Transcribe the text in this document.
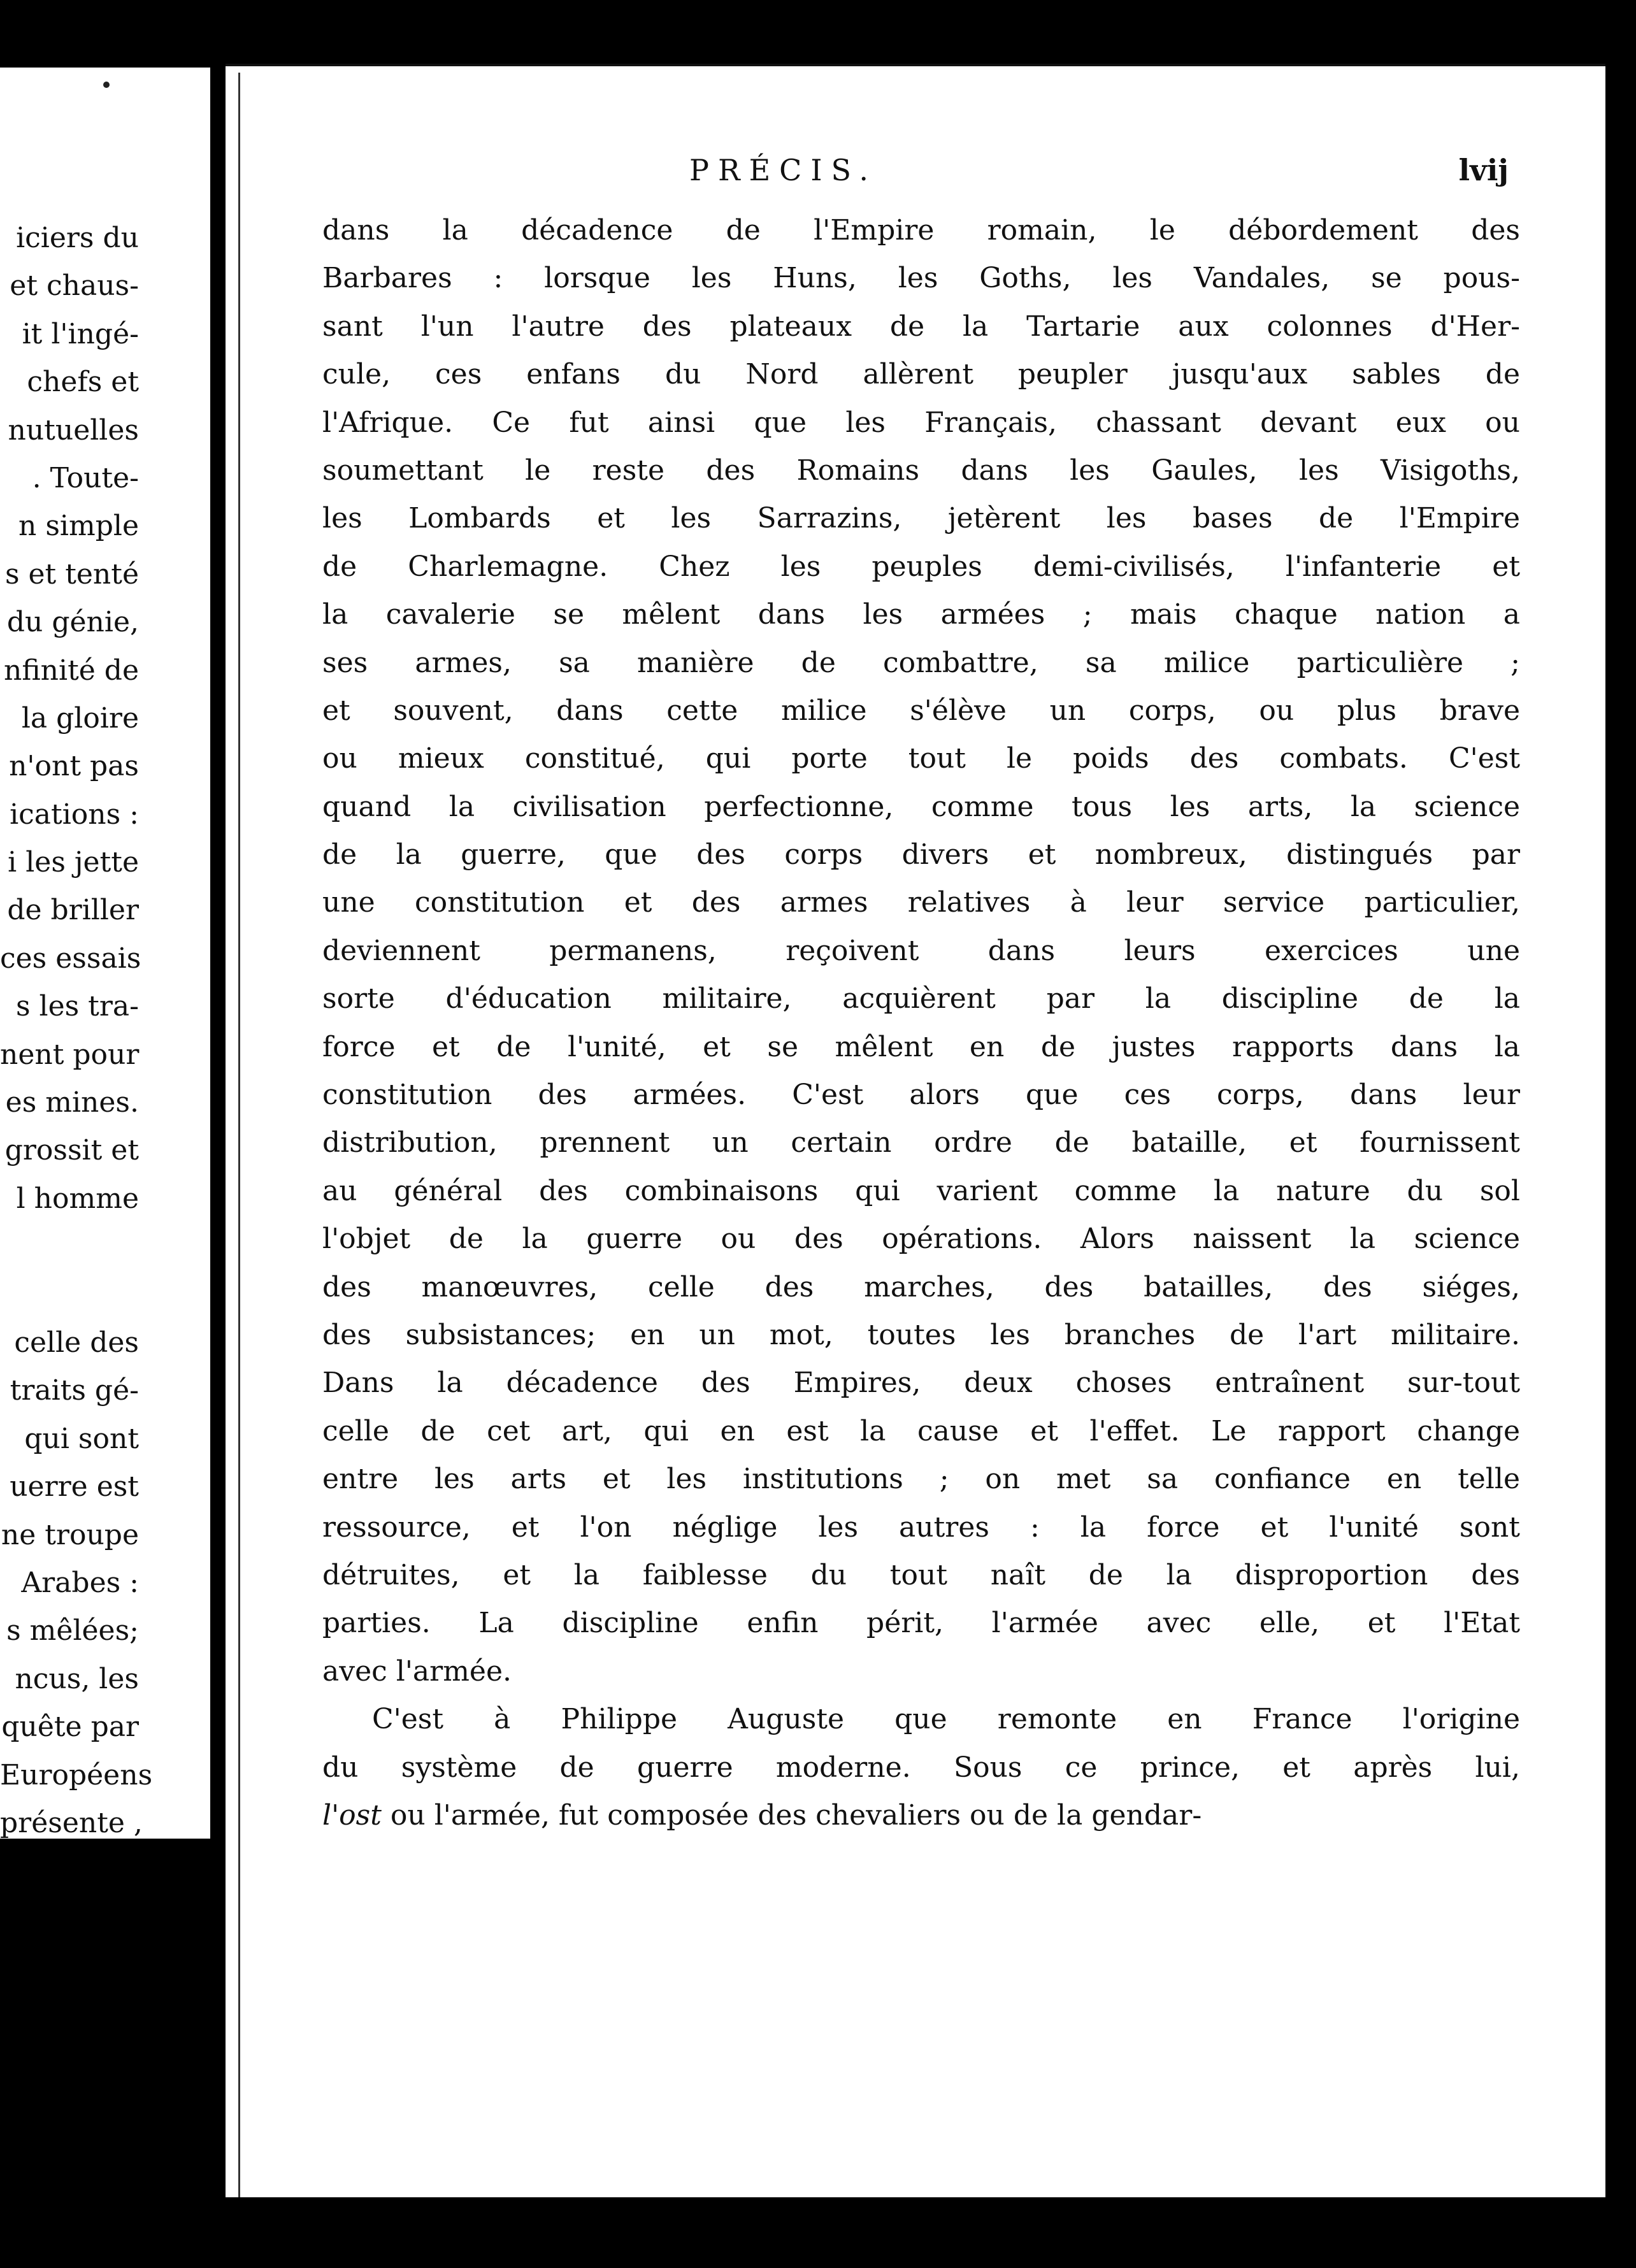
iciers du
et chaus-
it l'ingé-
chefs et
nutuelles
. Toute-
n simple
s et tenté
du génie,
nfinité de
la gloire
n'ont pas
ications :
i les jette
de briller
ces essais
s les tra-
nent pour
es mines.
grossit et
l homme
celle des
traits gé-
qui sont
uerre est
ne troupe
Arabes :
s mêlées;
ncus, les
quête par
Européens
présente ,
PRÉCIS.	lvij
dans la décadence de l'Empire romain, le débordement des
Barbares : lorsque les Huns, les Goths, les Vandales, se pous-
sant l'un l'autre des plateaux de la Tartarie aux colonnes d'Her-
cule, ces enfans du Nord allèrent peupler jusqu'aux sables de
l'Afrique. Ce fut ainsi que les Français, chassant devant eux ou
soumettant le reste des Romains dans les Gaules, les Visigoths,
les Lombards et les Sarrazins, jetèrent les bases de l'Empire
de Charlemagne. Chez les peuples demi-civilisés, l'infanterie et
la cavalerie se mêlent dans les armées ; mais chaque nation a
ses armes, sa manière de combattre, sa milice particulière ;
et souvent, dans cette milice s'élève un corps, ou plus brave
ou mieux constitué, qui porte tout le poids des combats. C'est
quand la civilisation perfectionne, comme tous les arts, la science
de la guerre, que des corps divers et nombreux, distingués par
une constitution et des armes relatives à leur service particulier,
deviennent permanens, reçoivent dans leurs exercices une
sorte d'éducation militaire, acquièrent par la discipline de la
force et de l'unité, et se mêlent en de justes rapports dans la
constitution des armées. C'est alors que ces corps, dans leur
distribution, prennent un certain ordre de bataille, et fournissent
au général des combinaisons qui varient comme la nature du sol
l'objet de la guerre ou des opérations. Alors naissent la science
des manœuvres, celle des marches, des batailles, des siéges,
des subsistances; en un mot, toutes les branches de l'art militaire.
Dans la décadence des Empires, deux choses entraînent sur-tout
celle de cet art, qui en est la cause et l'effet. Le rapport change
entre les arts et les institutions ; on met sa confiance en telle
ressource, et l'on néglige les autres : la force et l'unité sont
détruites, et la faiblesse du tout naît de la disproportion des
parties. La discipline enfin périt, l'armée avec elle, et l'Etat
avec l'armée.
C'est à Philippe Auguste que remonte en France l'origine
du système de guerre moderne. Sous ce prince, et après lui,
l'ost ou l'armée, fut composée des chevaliers ou de la gendar-
